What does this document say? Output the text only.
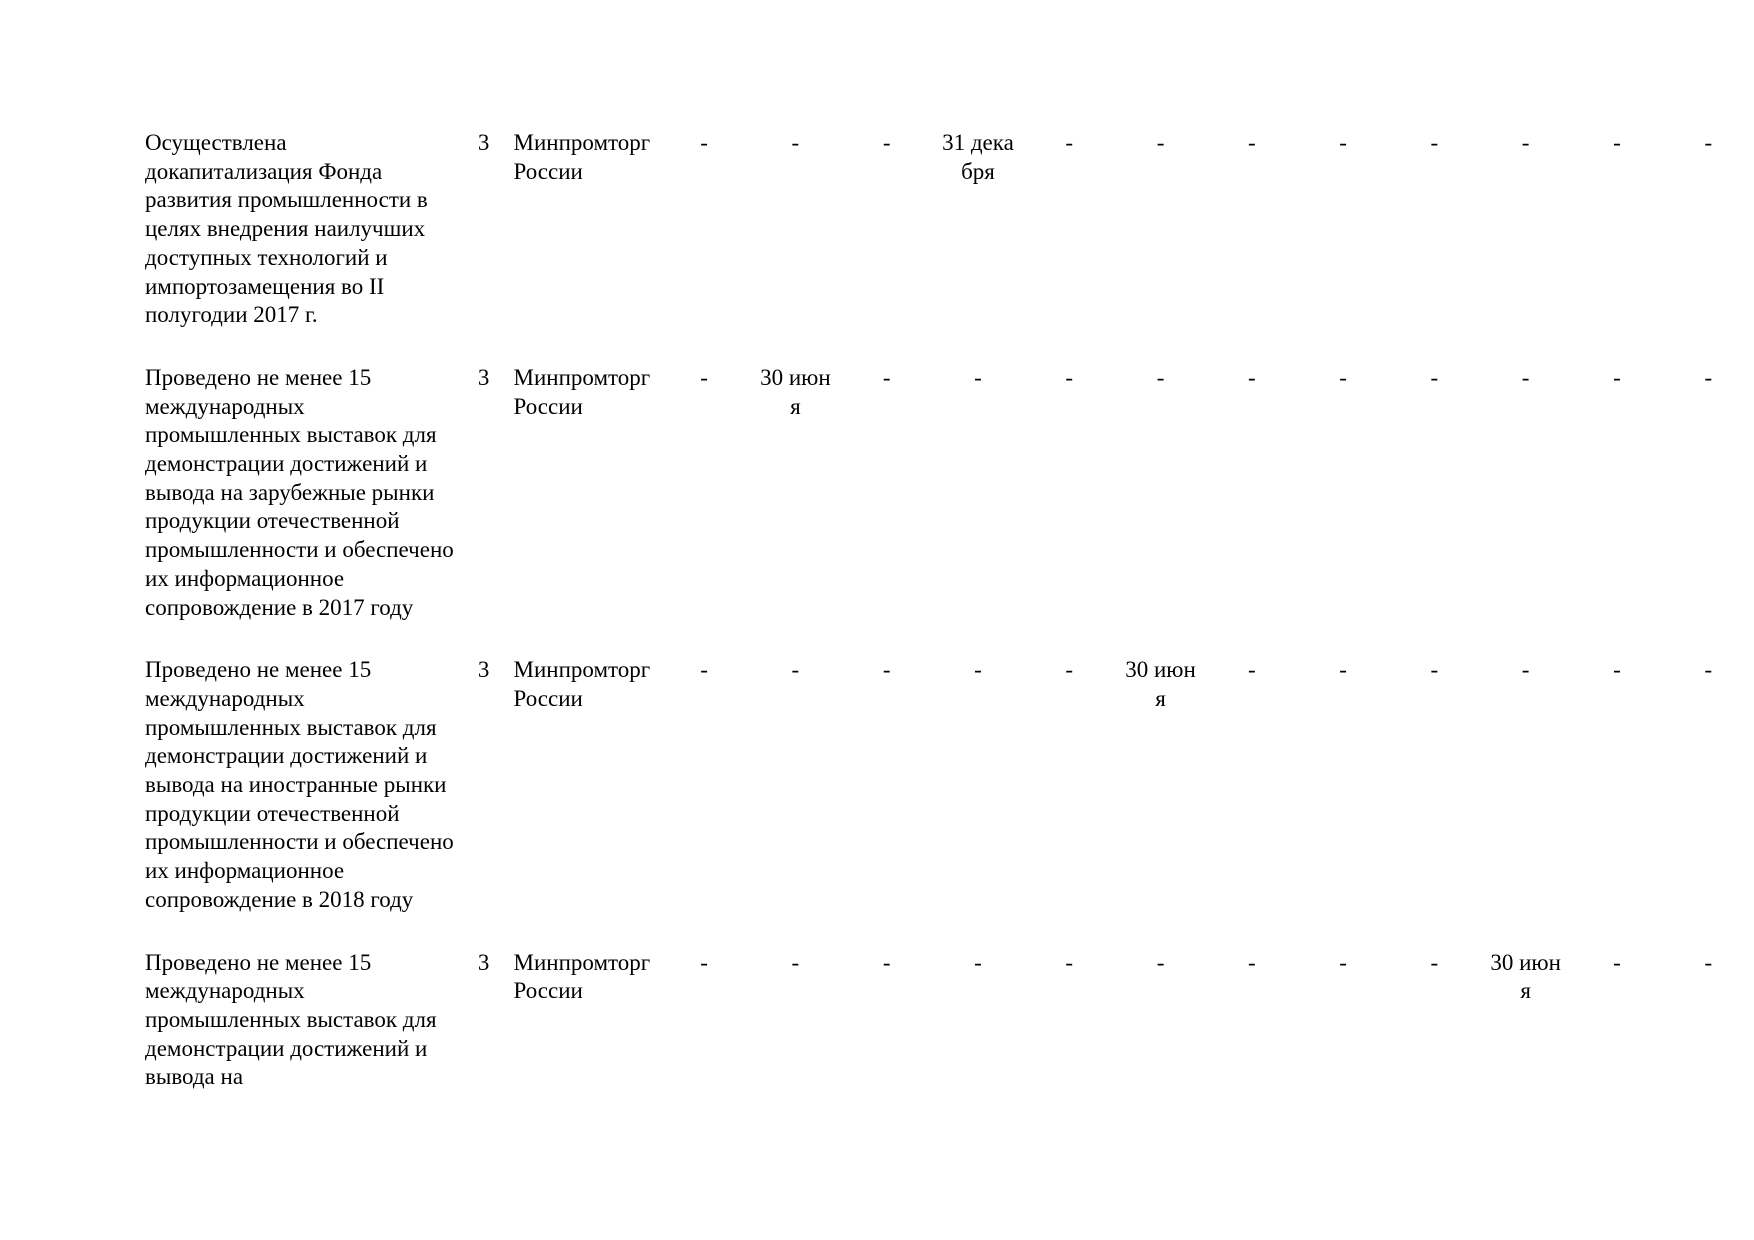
Осуществлена докапитализация Фонда развития промышленности в целях внедрения наилучших доступных технологий и импортозамещения во II полугодии 2017 г.	3	Минпромторг России	-	-	-	31 декабря	-	-	-	-	-	-	-	-
Проведено не менее 15 международных промышленных выставок для демонстрации достижений и вывода на зарубежные рынки продукции отечественной промышленности и обеспечено их информационное сопровождение в 2017 году	3	Минпромторг России	-	30 июня	-	-	-	-	-	-	-	-	-	-
Проведено не менее 15 международных промышленных выставок для демонстрации достижений и вывода на иностранные рынки продукции отечественной промышленности и обеспечено их информационное сопровождение в 2018 году	3	Минпромторг России	-	-	-	-	-	30 июня	-	-	-	-	-	-
Проведено не менее 15 международных промышленных выставок для демонстрации достижений и вывода на	3	Минпромторг России	-	-	-	-	-	-	-	-	-	30 июня	-	-
